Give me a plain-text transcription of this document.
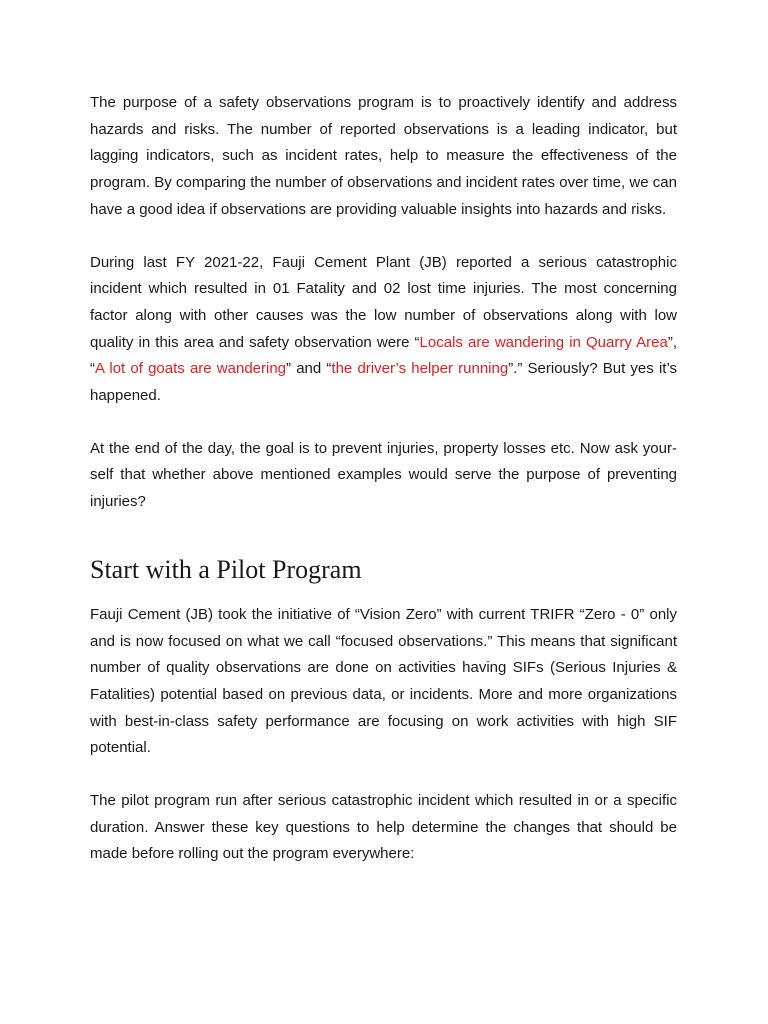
The purpose of a safety observations program is to proactively identify and address hazards and risks. The number of reported observations is a leading indicator, but lagging indicators, such as incident rates, help to measure the effectiveness of the program. By comparing the number of observations and incident rates over time, we can have a good idea if observations are providing valuable insights into hazards and risks.

During last FY 2021-22, Fauji Cement Plant (JB) reported a serious catastrophic incident which resulted in 01 Fatality and 02 lost time injuries. The most concerning factor along with other causes was the low number of observations along with low quality in this area and safety observation were “Locals are wandering in Quarry Area”, “A lot of goats are wandering” and “the driver’s helper running”.” Seriously? But yes it’s happened.

At the end of the day, the goal is to prevent injuries, property losses etc. Now ask your-self that whether above mentioned examples would serve the purpose of preventing injuries?

Start with a Pilot Program

Fauji Cement (JB) took the initiative of “Vision Zero” with current TRIFR “Zero - 0” only and is now focused on what we call “focused observations.” This means that significant number of quality observations are done on activities having SIFs (Serious Injuries & Fatalities) potential based on previous data, or incidents. More and more organizations with best-in-class safety performance are focusing on work activities with high SIF potential.

The pilot program run after serious catastrophic incident which resulted in or a specific duration. Answer these key questions to help determine the changes that should be made before rolling out the program everywhere:
